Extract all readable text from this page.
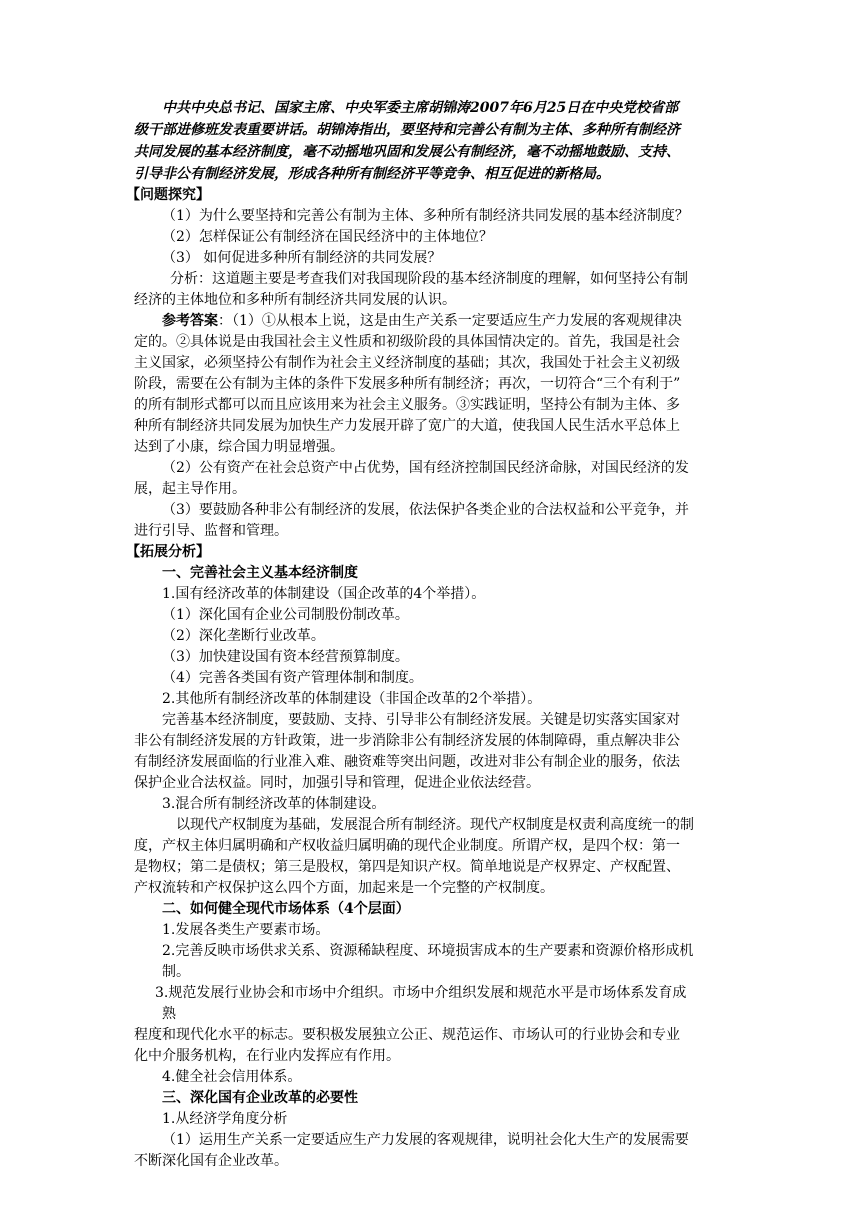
中共中央总书记、国家主席、中央军委主席胡锦涛2007年6月25日在中央党校省部
级干部进修班发表重要讲话。胡锦涛指出，要坚持和完善公有制为主体、多种所有制经济
共同发展的基本经济制度，毫不动摇地巩固和发展公有制经济，毫不动摇地鼓励、支持、
引导非公有制经济发展，形成各种所有制经济平等竞争、相互促进的新格局。
【问题探究】
（1）为什么要坚持和完善公有制为主体、多种所有制经济共同发展的基本经济制度？
（2）怎样保证公有制经济在国民经济中的主体地位？
（3） 如何促进多种所有制经济的共同发展？
分析：这道题主要是考查我们对我国现阶段的基本经济制度的理解，如何坚持公有制
经济的主体地位和多种所有制经济共同发展的认识。
参考答案：（1）①从根本上说，这是由生产关系一定要适应生产力发展的客观规律决
定的。②具体说是由我国社会主义性质和初级阶段的具体国情决定的。首先，我国是社会
主义国家，必须坚持公有制作为社会主义经济制度的基础；其次，我国处于社会主义初级
阶段，需要在公有制为主体的条件下发展多种所有制经济；再次，一切符合“三个有利于”
的所有制形式都可以而且应该用来为社会主义服务。③实践证明，坚持公有制为主体、多
种所有制经济共同发展为加快生产力发展开辟了宽广的大道，使我国人民生活水平总体上
达到了小康，综合国力明显增强。
（2）公有资产在社会总资产中占优势，国有经济控制国民经济命脉，对国民经济的发
展，起主导作用。
（3）要鼓励各种非公有制经济的发展，依法保护各类企业的合法权益和公平竞争，并
进行引导、监督和管理。
【拓展分析】
一、完善社会主义基本经济制度
1.国有经济改革的体制建设（国企改革的4个举措）。
（1）深化国有企业公司制股份制改革。
（2）深化垄断行业改革。
（3）加快建设国有资本经营预算制度。
（4）完善各类国有资产管理体制和制度。
2.其他所有制经济改革的体制建设（非国企改革的2个举措）。
完善基本经济制度，要鼓励、支持、引导非公有制经济发展。关键是切实落实国家对
非公有制经济发展的方针政策，进一步消除非公有制经济发展的体制障碍，重点解决非公
有制经济发展面临的行业准入难、融资难等突出问题，改进对非公有制企业的服务，依法
保护企业合法权益。同时，加强引导和管理，促进企业依法经营。
3.混合所有制经济改革的体制建设。
以现代产权制度为基础，发展混合所有制经济。现代产权制度是权责利高度统一的制
度，产权主体归属明确和产权收益归属明确的现代企业制度。所谓产权，是四个权：第一
是物权；第二是债权；第三是股权，第四是知识产权。简单地说是产权界定、产权配置、
产权流转和产权保护这么四个方面，加起来是一个完整的产权制度。
二、如何健全现代市场体系（4个层面）
1.发展各类生产要素市场。
2.完善反映市场供求关系、资源稀缺程度、环境损害成本的生产要素和资源价格形成机
制。
3.规范发展行业协会和市场中介组织。市场中介组织发展和规范水平是市场体系发育成
熟
程度和现代化水平的标志。要积极发展独立公正、规范运作、市场认可的行业协会和专业
化中介服务机构，在行业内发挥应有作用。
4.健全社会信用体系。
三、深化国有企业改革的必要性
1.从经济学角度分析
（1）运用生产关系一定要适应生产力发展的客观规律，说明社会化大生产的发展需要
不断深化国有企业改革。
